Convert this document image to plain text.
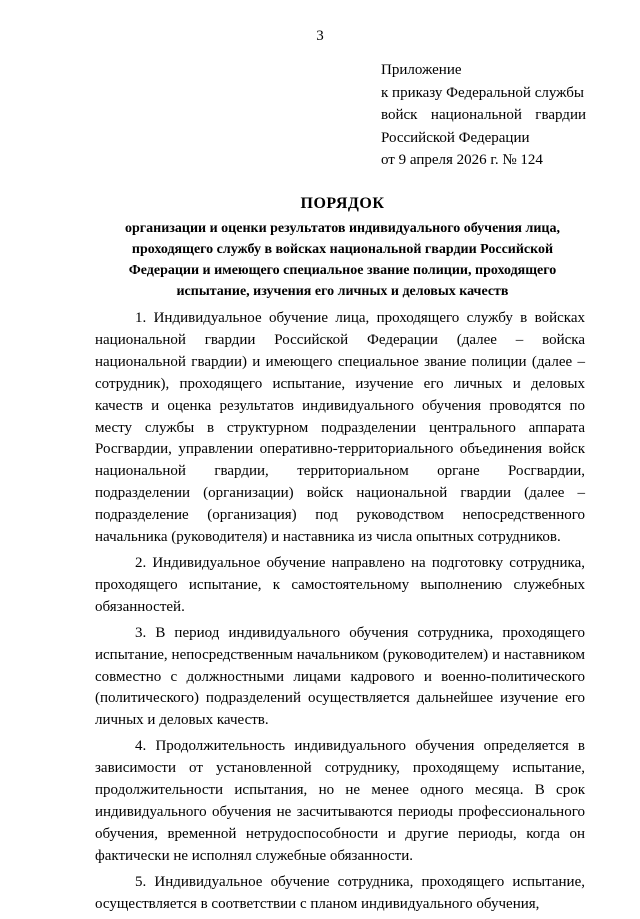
3
Приложение
к приказу Федеральной службы
войск национальной гвардии
Российской Федерации
от 9 апреля 2026 г. № 124
ПОРЯДОК
организации и оценки результатов индивидуального обучения лица,
проходящего службу в войсках национальной гвардии Российской
Федерации и имеющего специальное звание полиции, проходящего
испытание, изучения его личных и деловых качеств

1. Индивидуальное обучение лица, проходящего службу в войсках национальной гвардии Российской Федерации (далее – войска национальной гвардии) и имеющего специальное звание полиции (далее – сотрудник), проходящего испытание, изучение его личных и деловых качеств и оценка результатов индивидуального обучения проводятся по месту службы в структурном подразделении центрального аппарата Росгвардии, управлении оперативно-территориального объединения войск национальной гвардии, территориальном органе Росгвардии, подразделении (организации) войск национальной гвардии (далее – подразделение (организация) под руководством непосредственного начальника (руководителя) и наставника из числа опытных сотрудников.

2. Индивидуальное обучение направлено на подготовку сотрудника, проходящего испытание, к самостоятельному выполнению служебных обязанностей.

3. В период индивидуального обучения сотрудника, проходящего испытание, непосредственным начальником (руководителем) и наставником совместно с должностными лицами кадрового и военно-политического (политического) подразделений осуществляется дальнейшее изучение его личных и деловых качеств.

4. Продолжительность индивидуального обучения определяется в зависимости от установленной сотруднику, проходящему испытание, продолжительности испытания, но не менее одного месяца. В срок индивидуального обучения не засчитываются периоды профессионального обучения, временной нетрудоспособности и другие периоды, когда он фактически не исполнял служебные обязанности.

5. Индивидуальное обучение сотрудника, проходящего испытание, осуществляется в соответствии с планом индивидуального обучения,
